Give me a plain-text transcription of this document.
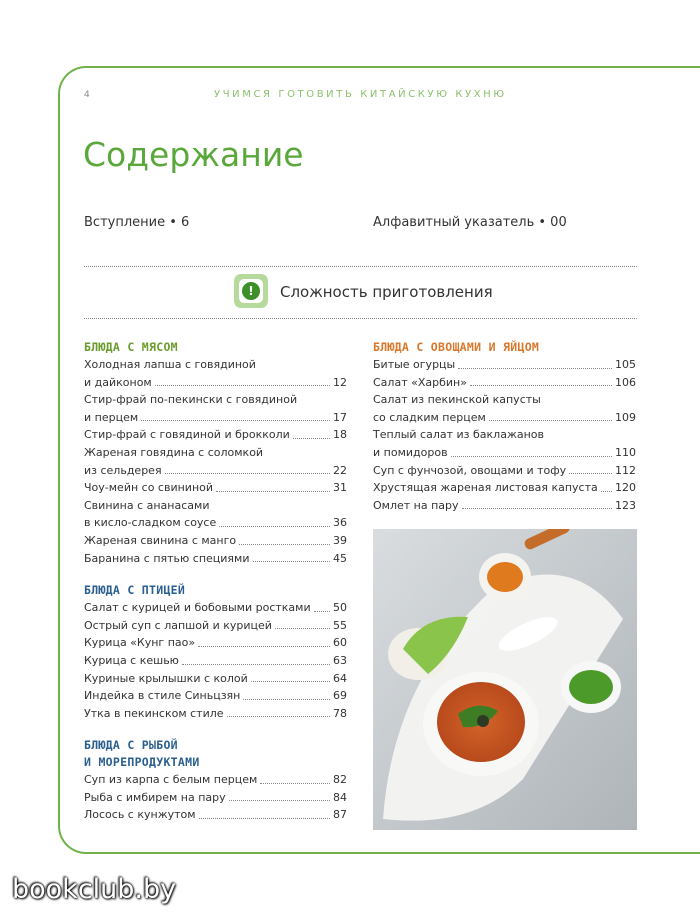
4	УЧИМСЯ ГОТОВИТЬ КИТАЙСКУЮ КУХНЮ
Содержание
Вступление • 6	Алфавитный указатель • 00
!	Сложность приготовления
БЛЮДА С МЯСОМ
Холодная лапша с говядиной
и дайконом	12
Стир-фрай по-пекински с говядиной
и перцем	17
Стир-фрай с говядиной и брокколи	18
Жареная говядина с соломкой
из сельдерея	22
Чоу-мейн со свининой	31
Свинина с ананасами
в кисло-сладком соусе	36
Жареная свинина с манго	39
Баранина с пятью специями	45
БЛЮДА С ПТИЦЕЙ
Салат с курицей и бобовыми ростками 50
Острый суп с лапшой и курицей	55
Курица «Кунг пао»	60
Курица с кешью	63
Куриные крылышки с колой	64
Индейка в стиле Синьцзян	69
Утка в пекинском стиле	78
БЛЮДА С РЫБОЙ
И МОРЕПРОДУКТАМИ
Суп из карпа с белым перцем	82
Рыба с имбирем на пару	84
Лосось с кунжутом	87
БЛЮДА С ОВОЩАМИ И ЯЙЦОМ
Битые огурцы	105
Салат «Харбин»	106
Салат из пекинской капусты
со сладким перцем	109
Теплый салат из баклажанов
и помидоров	110
Суп с фунчозой, овощами и тофу	112
Хрустящая жареная листовая капуста 120
Омлет на пару	123
bookclub.by
